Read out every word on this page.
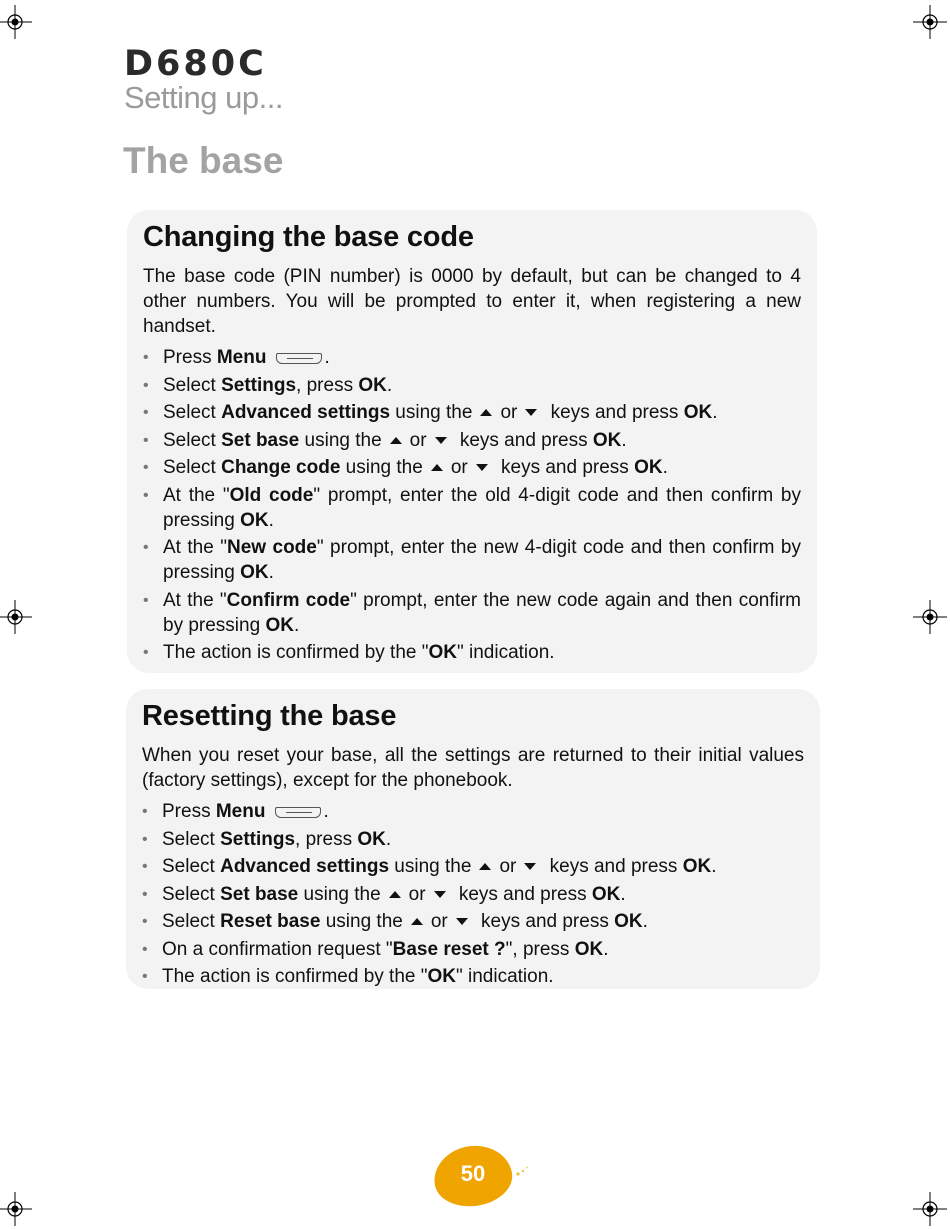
D680C
Setting up...
The base
Changing the base code

The base code (PIN number) is 0000 by default, but can be changed to 4 other numbers. You will be prompted to enter it, when registering a new handset.

• Press Menu	.
• Select Settings, press OK.
• Select Advanced settings using the or keys and press OK.
• Select Set base using the or keys and press OK.
• Select Change code using the or keys and press OK.
• At the "Old code" prompt, enter the old 4-digit code and then confirm by pressing OK.
• At the "New code" prompt, enter the new 4-digit code and then confirm by pressing OK.
• At the "Confirm code" prompt, enter the new code again and then confirm by pressing OK.
• The action is confirmed by the "OK" indication.
Resetting the base

When you reset your base, all the settings are returned to their initial values (factory settings), except for the phonebook.

• Press Menu	.
• Select Settings, press OK.
• Select Advanced settings using the or keys and press OK.
• Select Set base using the or keys and press OK.
• Select Reset base using the or keys and press OK.
• On a confirmation request "Base reset ?", press OK.
• The action is confirmed by the "OK" indication.
50
